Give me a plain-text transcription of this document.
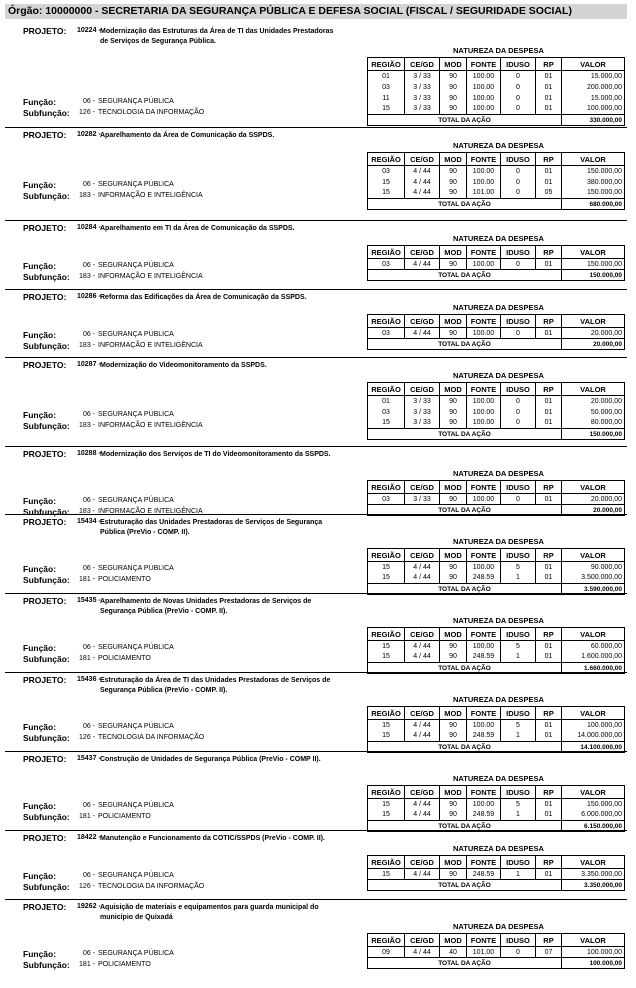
Órgão: 10000000 - SECRETARIA DA SEGURANÇA PÚBLICA E DEFESA SOCIAL (FISCAL / SEGURIDADE SOCIAL)
PROJETO: 10224 - Modernização das Estruturas da Área de TI das Unidades Prestadoras de Serviços de Segurança Pública.
NATUREZA DA DESPESA
REGIÃO	CE/GD	MOD	FONTE	IDUSO	RP	VALOR
01	3 / 33	90	100.00	0	01	15.000,00
03	3 / 33	90	100.00	0	01	200.000,00
11	3 / 33	90	100.00	0	01	15.000,00
15	3 / 33	90	100.00	0	01	100.000,00
TOTAL DA AÇÃO						330.000,00
Função:	06 - SEGURANÇA PÚBLICA
Subfunção:	126 - TECNOLOGIA DA INFORMAÇÃO
PROJETO: 10282 - Aparelhamento da Área de Comunicação da SSPDS.
NATUREZA DA DESPESA
REGIÃO	CE/GD	MOD	FONTE	IDUSO	RP	VALOR
03	4 / 44	90	100.00	0	01	150.000,00
15	4 / 44	90	100.00	0	01	380.000,00
15	4 / 44	90	101.00	0	05	150.000,00
TOTAL DA AÇÃO						680.000,00
Função:	06 - SEGURANÇA PÚBLICA
Subfunção:	183 - INFORMAÇÃO E INTELIGÊNCIA
PROJETO: 10284 - Aparelhamento em TI da Área de Comunicação da SSPDS.
NATUREZA DA DESPESA
REGIÃO	CE/GD	MOD	FONTE	IDUSO	RP	VALOR
03	4 / 44	90	100.00	0	01	150.000,00
TOTAL DA AÇÃO						150.000,00
Função:	06 - SEGURANÇA PÚBLICA
Subfunção:	183 - INFORMAÇÃO E INTELIGÊNCIA
PROJETO: 10286 - Reforma das Edificações da Área de Comunicação da SSPDS.
NATUREZA DA DESPESA
REGIÃO	CE/GD	MOD	FONTE	IDUSO	RP	VALOR
03	4 / 44	90	100.00	0	01	20.000,00
TOTAL DA AÇÃO						20.000,00
Função:	06 - SEGURANÇA PÚBLICA
Subfunção:	183 - INFORMAÇÃO E INTELIGÊNCIA
PROJETO: 10287 - Modernização do Videomonitoramento da SSPDS.
NATUREZA DA DESPESA
REGIÃO	CE/GD	MOD	FONTE	IDUSO	RP	VALOR
01	3 / 33	90	100.00	0	01	20.000,00
03	3 / 33	90	100.00	0	01	50.000,00
15	3 / 33	90	100.00	0	01	80.000,00
TOTAL DA AÇÃO						150.000,00
Função:	06 - SEGURANÇA PÚBLICA
Subfunção:	183 - INFORMAÇÃO E INTELIGÊNCIA
PROJETO: 10288 - Modernização dos Serviços de TI do Videomonitoramento da SSPDS.
NATUREZA DA DESPESA
REGIÃO	CE/GD	MOD	FONTE	IDUSO	RP	VALOR
03	3 / 33	90	100.00	0	01	20.000,00
TOTAL DA AÇÃO						20.000,00
Função:	06 - SEGURANÇA PÚBLICA
Subfunção:	183 - INFORMAÇÃO E INTELIGÊNCIA
PROJETO: 15434 - Estruturação das Unidades Prestadoras de Serviços de Segurança Pública (PreVio - COMP. II).
NATUREZA DA DESPESA
REGIÃO	CE/GD	MOD	FONTE	IDUSO	RP	VALOR
15	4 / 44	90	100.00	5	01	90.000,00
15	4 / 44	90	248.59	1	01	3.500.000,00
TOTAL DA AÇÃO						3.590.000,00
Função:	06 - SEGURANÇA PÚBLICA
Subfunção:	181 - POLICIAMENTO
PROJETO: 15435 - Aparelhamento de Novas Unidades Prestadoras de Serviços de Segurança Pública (PreVio - COMP. II).
NATUREZA DA DESPESA
REGIÃO	CE/GD	MOD	FONTE	IDUSO	RP	VALOR
15	4 / 44	90	100.00	5	01	60.000,00
15	4 / 44	90	248.59	1	01	1.600.000,00
TOTAL DA AÇÃO						1.660.000,00
Função:	06 - SEGURANÇA PÚBLICA
Subfunção:	181 - POLICIAMENTO
PROJETO: 15436 - Estruturação da Área de TI das Unidades Prestadoras de Serviços de Segurança Pública (PreVio - COMP. II).
NATUREZA DA DESPESA
REGIÃO	CE/GD	MOD	FONTE	IDUSO	RP	VALOR
15	4 / 44	90	100.00	5	01	100.000,00
15	4 / 44	90	248.59	1	01	14.000.000,00
TOTAL DA AÇÃO						14.100.000,00
Função:	06 - SEGURANÇA PÚBLICA
Subfunção:	126 - TECNOLOGIA DA INFORMAÇÃO
PROJETO: 15437 - Construção de Unidades de Segurança Pública (PreVio - COMP II).
NATUREZA DA DESPESA
REGIÃO	CE/GD	MOD	FONTE	IDUSO	RP	VALOR
15	4 / 44	90	100.00	5	01	150.000,00
15	4 / 44	90	248.59	1	01	6.000.000,00
TOTAL DA AÇÃO						6.150.000,00
Função:	06 - SEGURANÇA PÚBLICA
Subfunção:	181 - POLICIAMENTO
PROJETO: 18422 - Manutenção e Funcionamento da COTIC/SSPDS (PreVio - COMP. II).
NATUREZA DA DESPESA
REGIÃO	CE/GD	MOD	FONTE	IDUSO	RP	VALOR
15	4 / 44	90	248.59	1	01	3.350.000,00
TOTAL DA AÇÃO						3.350.000,00
Função:	06 - SEGURANÇA PÚBLICA
Subfunção:	126 - TECNOLOGIA DA INFORMAÇÃO
PROJETO: 19262 - Aquisição de materiais e equipamentos para guarda municipal do município de Quixadá
NATUREZA DA DESPESA
REGIÃO	CE/GD	MOD	FONTE	IDUSO	RP	VALOR
09	4 / 44	40	101.00	0	07	100.000,00
TOTAL DA AÇÃO						100.000,00
Função:	06 - SEGURANÇA PÚBLICA
Subfunção:	181 - POLICIAMENTO
